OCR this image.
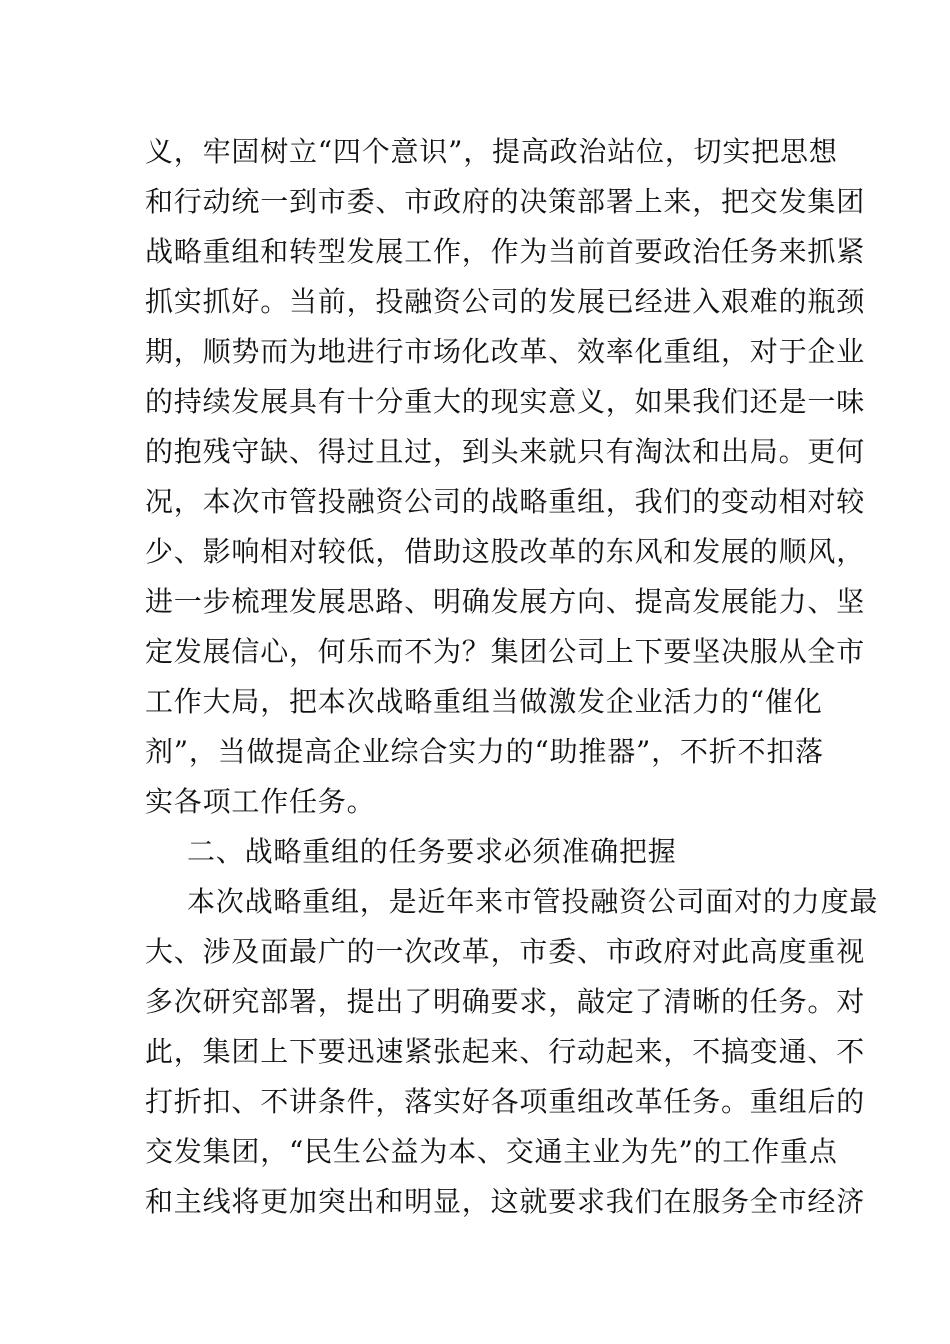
义，牢固树立“四个意识”，提高政治站位，切实把思想
和行动统一到市委、市政府的决策部署上来，把交发集团
战略重组和转型发展工作，作为当前首要政治任务来抓紧
抓实抓好。当前，投融资公司的发展已经进入艰难的瓶颈
期，顺势而为地进行市场化改革、效率化重组，对于企业
的持续发展具有十分重大的现实意义，如果我们还是一味
的抱残守缺、得过且过，到头来就只有淘汰和出局。更何
况，本次市管投融资公司的战略重组，我们的变动相对较
少、影响相对较低，借助这股改革的东风和发展的顺风，
进一步梳理发展思路、明确发展方向、提高发展能力、坚
定发展信心，何乐而不为？集团公司上下要坚决服从全市
工作大局，把本次战略重组当做激发企业活力的“催化
剂”，当做提高企业综合实力的“助推器”，不折不扣落
实各项工作任务。
二、战略重组的任务要求必须准确把握
本次战略重组，是近年来市管投融资公司面对的力度最
大、涉及面最广的一次改革，市委、市政府对此高度重视
多次研究部署，提出了明确要求，敲定了清晰的任务。对
此，集团上下要迅速紧张起来、行动起来，不搞变通、不
打折扣、不讲条件，落实好各项重组改革任务。重组后的
交发集团，“民生公益为本、交通主业为先”的工作重点
和主线将更加突出和明显，这就要求我们在服务全市经济
